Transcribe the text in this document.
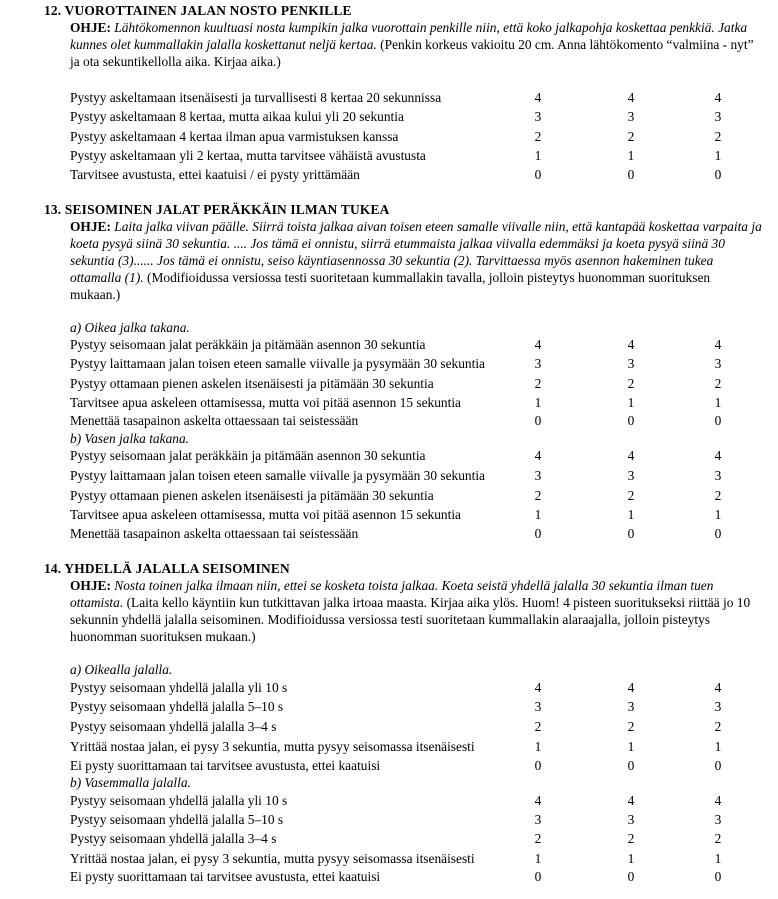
12. VUOROTTAINEN JALAN NOSTO PENKILLE
OHJE: Lähtökomennon kuultuasi nosta kumpikin jalka vuorottain penkille niin, että koko jalkapohja koskettaa penkkiä. Jatka kunnes olet kummallakin jalalla koskettanut neljä kertaa. (Penkin korkeus vakioitu 20 cm. Anna lähtökomento “valmiina - nyt” ja ota sekuntikellolla aika. Kirjaa aika.)
Pystyy askeltamaan itsenäisesti ja turvallisesti 8 kertaa 20 sekunnissa	4	4	4
Pystyy askeltamaan 8 kertaa, mutta aikaa kului yli 20 sekuntia	3	3	3
Pystyy askeltamaan 4 kertaa ilman apua varmistuksen kanssa	2	2	2
Pystyy askeltamaan yli 2 kertaa, mutta tarvitsee vähäistä avustusta	1	1	1
Tarvitsee avustusta, ettei kaatuisi / ei pysty yrittämään	0	0	0
13. SEISOMINEN JALAT PERÄKKÄIN ILMAN TUKEA
OHJE: Laita jalka viivan päälle. Siirrä toista jalkaa aivan toisen eteen samalle viivalle niin, että kantapää koskettaa varpaita ja koeta pysyä siinä 30 sekuntia. .... Jos tämä ei onnistu, siirrä etummaista jalkaa viivalla edemmäksi ja koeta pysyä siinä 30 sekuntia (3)...... Jos tämä ei onnistu, seiso käyntiasennossa 30 sekuntia (2). Tarvittaessa myös asennon hakeminen tukea ottamalla (1). (Modifioidussa versiossa testi suoritetaan kummallakin tavalla, jolloin pisteytys huonomman suorituksen mukaan.)
a) Oikea jalka takana.
Pystyy seisomaan jalat peräkkäin ja pitämään asennon 30 sekuntia	4	4	4
Pystyy laittamaan jalan toisen eteen samalle viivalle ja pysymään 30 sekuntia	3	3	3
Pystyy ottamaan pienen askelen itsenäisesti ja pitämään 30 sekuntia	2	2	2
Tarvitsee apua askeleen ottamisessa, mutta voi pitää asennon 15 sekuntia	1	1	1
Menettää tasapainon askelta ottaessaan tai seistessään	0	0	0
b) Vasen jalka takana.
Pystyy seisomaan jalat peräkkäin ja pitämään asennon 30 sekuntia	4	4	4
Pystyy laittamaan jalan toisen eteen samalle viivalle ja pysymään 30 sekuntia	3	3	3
Pystyy ottamaan pienen askelen itsenäisesti ja pitämään 30 sekuntia	2	2	2
Tarvitsee apua askeleen ottamisessa, mutta voi pitää asennon 15 sekuntia	1	1	1
Menettää tasapainon askelta ottaessaan tai seistessään	0	0	0
14. YHDELLÄ JALALLA SEISOMINEN
OHJE: Nosta toinen jalka ilmaan niin, ettei se kosketa toista jalkaa. Koeta seistä yhdellä jalalla 30 sekuntia ilman tuen ottamista. (Laita kello käyntiin kun tutkittavan jalka irtoaa maasta. Kirjaa aika ylös. Huom! 4 pisteen suoritukseksi riittää jo 10 sekunnin yhdellä jalalla seisominen. Modifioidussa versiossa testi suoritetaan kummallakin alaraajalla, jolloin pisteytys huonomman suorituksen mukaan.)
a) Oikealla jalalla.
Pystyy seisomaan yhdellä jalalla yli 10 s	4	4	4
Pystyy seisomaan yhdellä jalalla 5–10 s	3	3	3
Pystyy seisomaan yhdellä jalalla 3–4 s	2	2	2
Yrittää nostaa jalan, ei pysy 3 sekuntia, mutta pysyy seisomassa itsenäisesti	1	1	1
Ei pysty suorittamaan tai tarvitsee avustusta, ettei kaatuisi	0	0	0
b) Vasemmalla jalalla.
Pystyy seisomaan yhdellä jalalla yli 10 s	4	4	4
Pystyy seisomaan yhdellä jalalla 5–10 s	3	3	3
Pystyy seisomaan yhdellä jalalla 3–4 s	2	2	2
Yrittää nostaa jalan, ei pysy 3 sekuntia, mutta pysyy seisomassa itsenäisesti	1	1	1
Ei pysty suorittamaan tai tarvitsee avustusta, ettei kaatuisi	0	0	0
